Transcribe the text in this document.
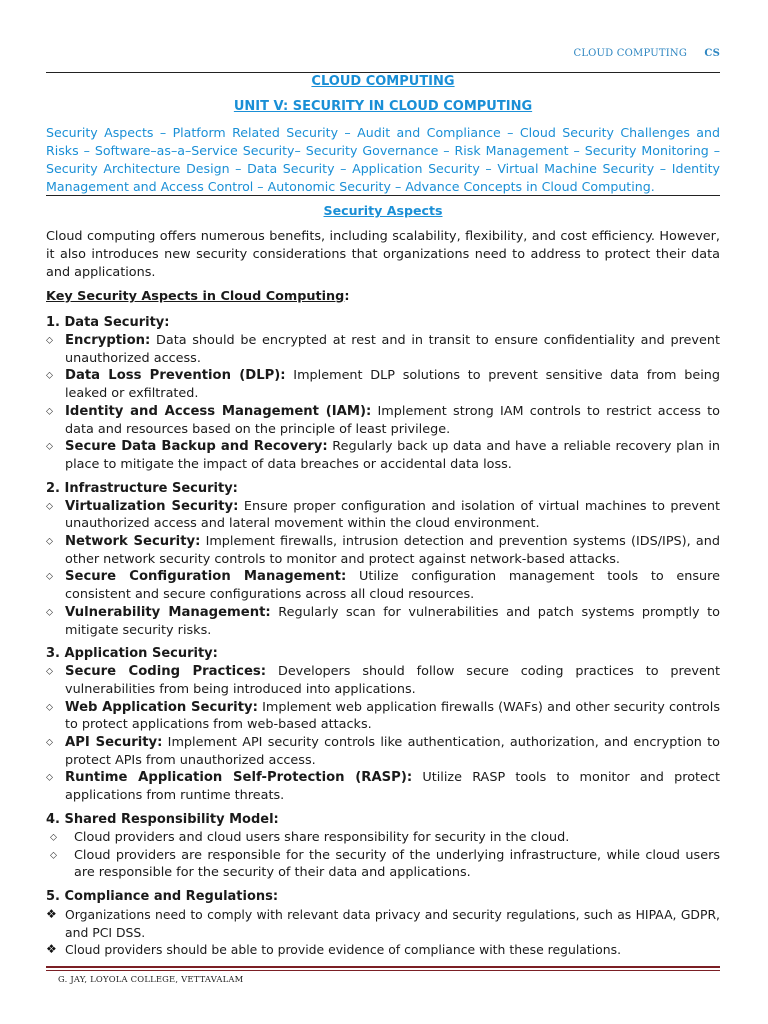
CLOUD COMPUTING CS
CLOUD COMPUTING
UNIT V: SECURITY IN CLOUD COMPUTING
Security Aspects – Platform Related Security – Audit and Compliance – Cloud Security Challenges and Risks – Software–as–a–Service Security– Security Governance – Risk Management – Security Monitoring – Security Architecture Design – Data Security – Application Security – Virtual Machine Security – Identity Management and Access Control – Autonomic Security – Advance Concepts in Cloud Computing.
Security Aspects
Cloud computing offers numerous benefits, including scalability, flexibility, and cost efficiency. However, it also introduces new security considerations that organizations need to address to protect their data and applications.
Key Security Aspects in Cloud Computing:

1. Data Security:

⬦ Encryption: Data should be encrypted at rest and in transit to ensure confidentiality and prevent unauthorized access.
⬦ Data Loss Prevention (DLP): Implement DLP solutions to prevent sensitive data from being leaked or exfiltrated.
⬦ Identity and Access Management (IAM): Implement strong IAM controls to restrict access to data and resources based on the principle of least privilege.
⬦ Secure Data Backup and Recovery: Regularly back up data and have a reliable recovery plan in place to mitigate the impact of data breaches or accidental data loss.

2. Infrastructure Security:

⬦ Virtualization Security: Ensure proper configuration and isolation of virtual machines to prevent unauthorized access and lateral movement within the cloud environment.
⬦ Network Security: Implement firewalls, intrusion detection and prevention systems (IDS/IPS), and other network security controls to monitor and protect against network-based attacks.
⬦ Secure Configuration Management: Utilize configuration management tools to ensure consistent and secure configurations across all cloud resources.
⬦ Vulnerability Management: Regularly scan for vulnerabilities and patch systems promptly to mitigate security risks.

3. Application Security:

⬦ Secure Coding Practices: Developers should follow secure coding practices to prevent vulnerabilities from being introduced into applications.
⬦ Web Application Security: Implement web application firewalls (WAFs) and other security controls to protect applications from web-based attacks.
⬦ API Security: Implement API security controls like authentication, authorization, and encryption to protect APIs from unauthorized access.
⬦ Runtime Application Self-Protection (RASP): Utilize RASP tools to monitor and protect applications from runtime threats.

4. Shared Responsibility Model:

⬦ Cloud providers and cloud users share responsibility for security in the cloud.
⬦ Cloud providers are responsible for the security of the underlying infrastructure, while cloud users are responsible for the security of their data and applications.

5. Compliance and Regulations:

❖ Organizations need to comply with relevant data privacy and security regulations, such as HIPAA, GDPR, and PCI DSS.
❖ Cloud providers should be able to provide evidence of compliance with these regulations.
G. JAY, LOYOLA COLLEGE, VETTAVALAM
